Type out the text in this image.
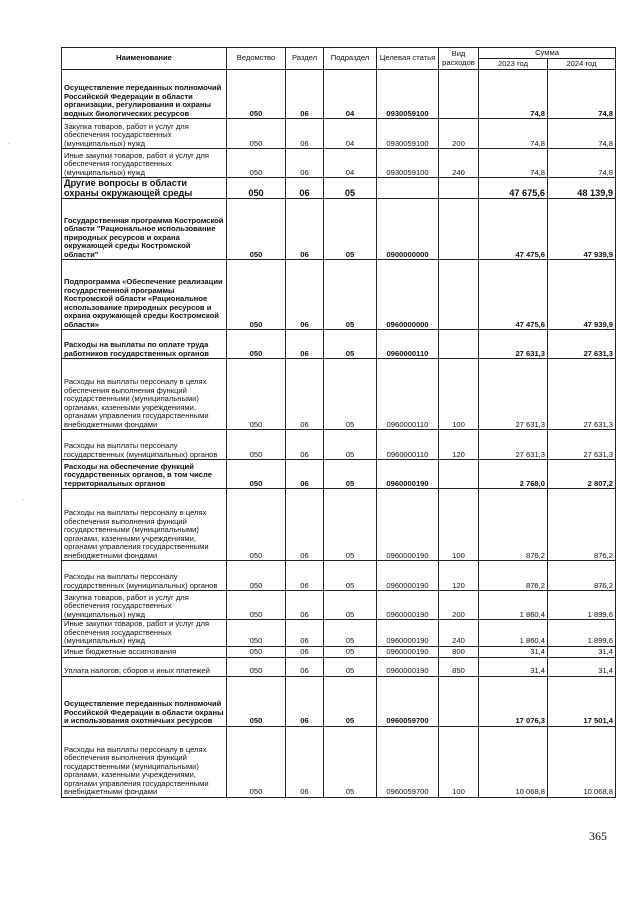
Наименование	Ведомство	Раздел	Подраздел	Целевая статья	Вид расходов	Сумма	
						2023 год	2024 год
Осуществление переданных полномочий Российской Федерации в области организации, регулирования и охраны водных биологических ресурсов	050	06	04	0930059100		74,8	74,8
Закупка товаров, работ и услуг для обеспечения государственных (муниципальных) нужд	050	06	04	0930059100	200	74,8	74,8
Иные закупки товаров, работ и услуг для обеспечения государственных (муниципальных) нужд	050	06	04	0930059100	240	74,8	74,8
Другие вопросы в области охраны окружающей среды	050	06	05			47 675,6	48 139,9
Государственная программа Костромской области "Рациональное использование природных ресурсов и охрана окружающей среды Костромской области"	050	06	05	0900000000		47 475,6	47 939,9
Подпрограмма «Обеспечение реализации государственной программы Костромской области «Рациональное использование природных ресурсов и охрана окружающей среды Костромской области»	050	06	05	0960000000		47 475,6	47 939,9
Расходы на выплаты по оплате труда работников государственных органов	050	06	05	0960000110		27 631,3	27 631,3
Расходы на выплаты персоналу в целях обеспечения выполнения функций государственными (муниципальными) органами, казенными учреждениями, органами управления государственными внебюджетными фондами	050	06	05	0960000110	100	27 631,3	27 631,3
Расходы на выплаты персоналу государственных (муниципальных) органов	050	06	05	0960000110	120	27 631,3	27 631,3
Расходы на обеспечение функций государственных органов, в том числе территориальных органов	050	06	05	0960000190		2 768,0	2 807,2
Расходы на выплаты персоналу в целях обеспечения выполнения функций государственными (муниципальными) органами, казенными учреждениями, органами управления государственными внебюджетными фондами	050	06	05	0960000190	100	876,2	876,2
Расходы на выплаты персоналу государственных (муниципальных) органов	050	06	05	0960000190	120	876,2	876,2
Закупка товаров, работ и услуг для обеспечения государственных (муниципальных) нужд	050	06	05	0960000190	200	1 860,4	1 899,6
Иные закупки товаров, работ и услуг для обеспечения государственных (муниципальных) нужд	050	06	05	0960000190	240	1 860,4	1 899,6
Иные бюджетные ассигнования	050	06	05	0960000190	800	31,4	31,4
Уплата налогов, сборов и иных платежей	050	06	05	0960000190	850	31,4	31,4
Осуществление переданных полномочий Российской Федерации в области охраны и использования охотничьих ресурсов	050	06	05	0960059700		17 076,3	17 501,4
Расходы на выплаты персоналу в целях обеспечения выполнения функций государственными (муниципальными) органами, казенными учреждениями, органами управления государственными внебюджетными фондами	050	06	05	0960059700	100	10 068,8	10 068,8
.
.
365
